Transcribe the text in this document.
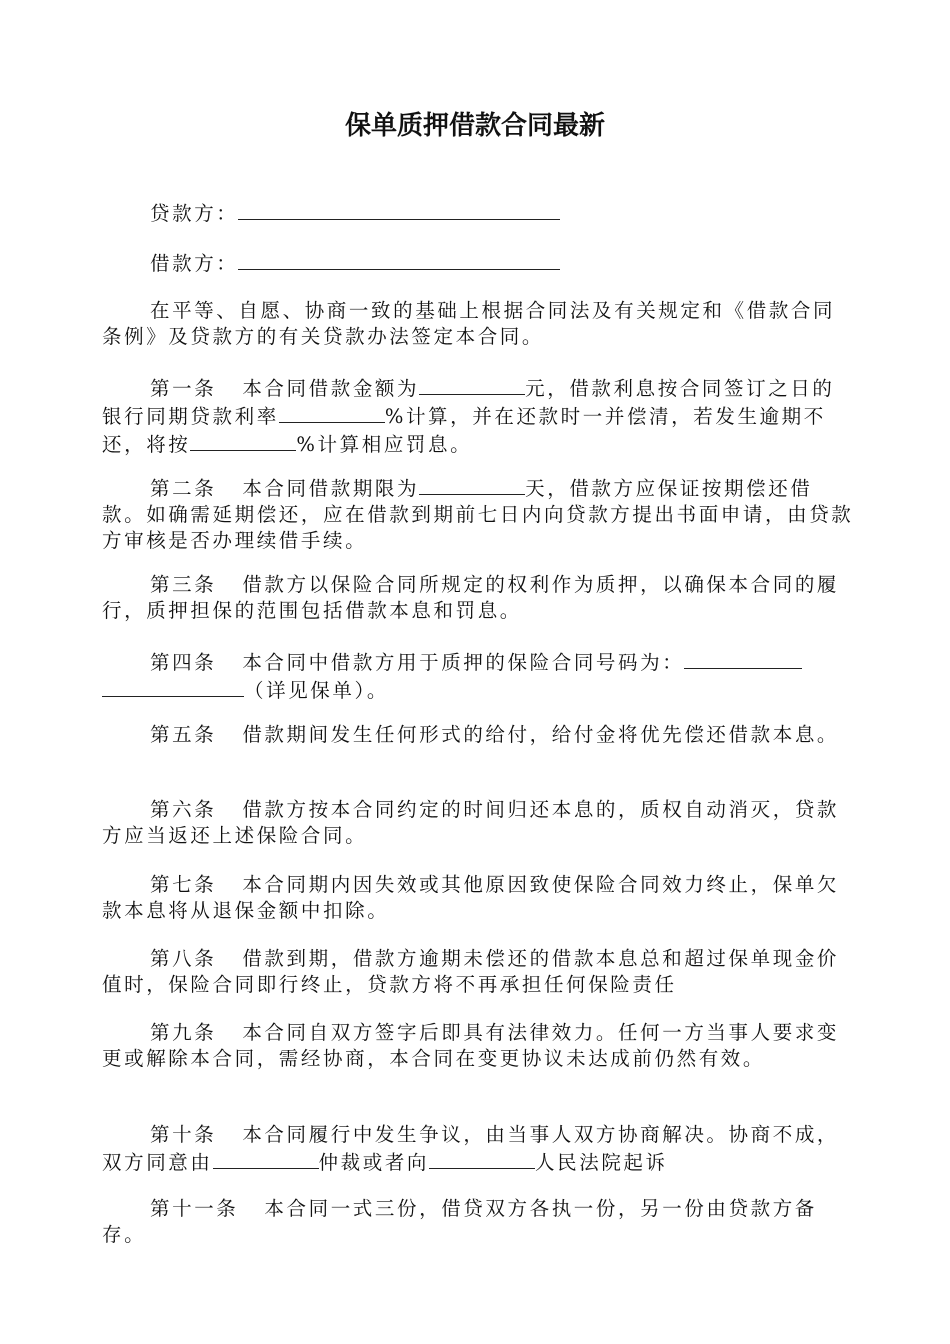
保单质押借款合同最新
贷款方：
借款方：
在平等、自愿、协商一致的基础上根据合同法及有关规定和《借款合同条例》及贷款方的有关贷款办法签定本合同。
第一条 本合同借款金额为	元，借款利息按合同签订之日的银行同期贷款利率	%计算，并在还款时一并偿清，若发生逾期不还，将按	%计算相应罚息。
第二条 本合同借款期限为	天，借款方应保证按期偿还借款。如确需延期偿还，应在借款到期前七日内向贷款方提出书面申请，由贷款方审核是否办理续借手续。
第三条 借款方以保险合同所规定的权利作为质押，以确保本合同的履行，质押担保的范围包括借款本息和罚息。
第四条 本合同中借款方用于质押的保险合同号码为：（详见保单）。
第五条 借款期间发生任何形式的给付，给付金将优先偿还借款本息。
第六条 借款方按本合同约定的时间归还本息的，质权自动消灭，贷款方应当返还上述保险合同。
第七条 本合同期内因失效或其他原因致使保险合同效力终止，保单欠款本息将从退保金额中扣除。
第八条 借款到期，借款方逾期未偿还的借款本息总和超过保单现金价值时，保险合同即行终止，贷款方将不再承担任何保险责任
第九条 本合同自双方签字后即具有法律效力。任何一方当事人要求变更或解除本合同，需经协商，本合同在变更协议未达成前仍然有效。
第十条 本合同履行中发生争议，由当事人双方协商解决。协商不成，双方同意由	仲裁或者向	人民法院起诉
第十一条 本合同一式三份，借贷双方各执一份，另一份由贷款方备存。
